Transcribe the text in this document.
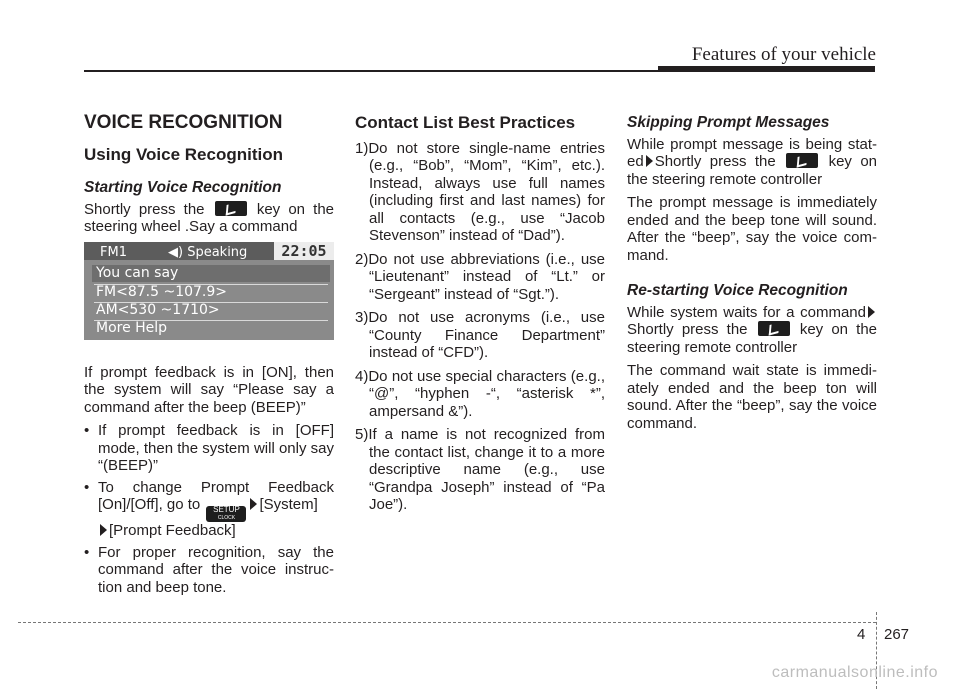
Features of your vehicle
VOICE RECOGNITION
Using Voice Recognition
Starting Voice Recognition

Shortly press the	key on the steering wheel .Say a command

FM1	◀) Speaking	22:05
You can say
FM<87.5 ~107.9>
AM<530 ~1710>
More Help

If prompt feedback is in [ON], then the system will say “Please say a command after the beep (BEEP)”

• If prompt feedback is in [OFF] mode, then the system will only say “(BEEP)”
• To change Prompt Feedback [On]/[Off], go to SETUP
CLOCK
[System]
[Prompt Feedback]
• For proper recognition, say the command after the voice instruc-tion and beep tone.
Contact List Best Practices
1)Do not store single-name entries (e.g., “Bob”, “Mom”, “Kim”, etc.). Instead, always use full names (including first and last names) for all contacts (e.g., use “Jacob Stevenson” instead of “Dad”).
2)Do not use abbreviations (i.e., use “Lieutenant” instead of “Lt.” or “Sergeant” instead of “Sgt.”).
3)Do not use acronyms (i.e., use “County Finance Department” instead of “CFD”).
4)Do not use special characters (e.g., “@”, “hyphen -“, “asterisk *”, ampersand &”).
5)If a name is not recognized from the contact list, change it to a more descriptive name (e.g., use “Grandpa Joseph” instead of “Pa Joe”).
Skipping Prompt Messages

While prompt message is being stat-ed Shortly press the	key on the steering remote controller

The prompt message is immediately ended and the beep tone will sound. After the “beep”, say the voice com-mand.

Re-starting Voice Recognition

While system waits for a command Shortly press the	key on the steering remote controller

The command wait state is immedi-ately ended and the beep ton will sound. After the “beep”, say the voice command.

4 267
carmanualsonline.info
